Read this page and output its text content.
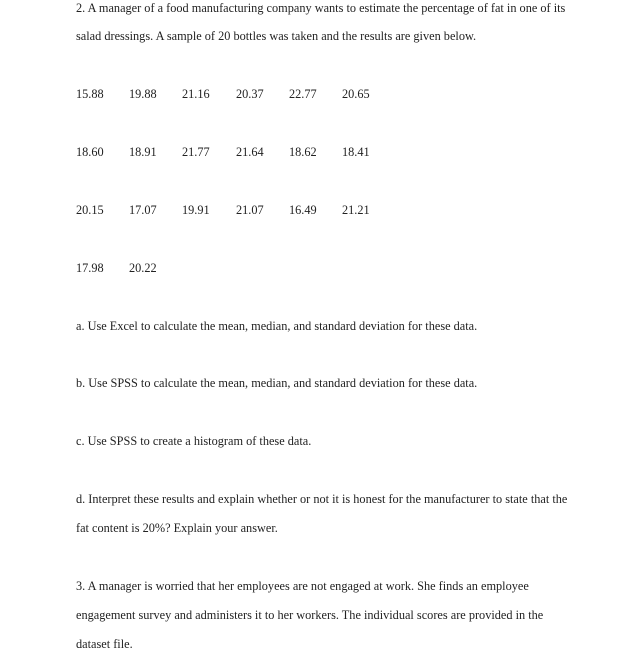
2. A manager of a food manufacturing company wants to estimate the percentage of fat in one of its
salad dressings. A sample of 20 bottles was taken and the results are given below.
15.88 19.88 21.16 20.37 22.77 20.65
18.60 18.91 21.77 21.64 18.62 18.41
20.15 17.07 19.91 21.07 16.49 21.21
17.98 20.22
a. Use Excel to calculate the mean, median, and standard deviation for these data.
b. Use SPSS to calculate the mean, median, and standard deviation for these data.
c. Use SPSS to create a histogram of these data.
d. Interpret these results and explain whether or not it is honest for the manufacturer to state that the
fat content is 20%? Explain your answer.
3. A manager is worried that her employees are not engaged at work. She finds an employee
engagement survey and administers it to her workers. The individual scores are provided in the
dataset file.
